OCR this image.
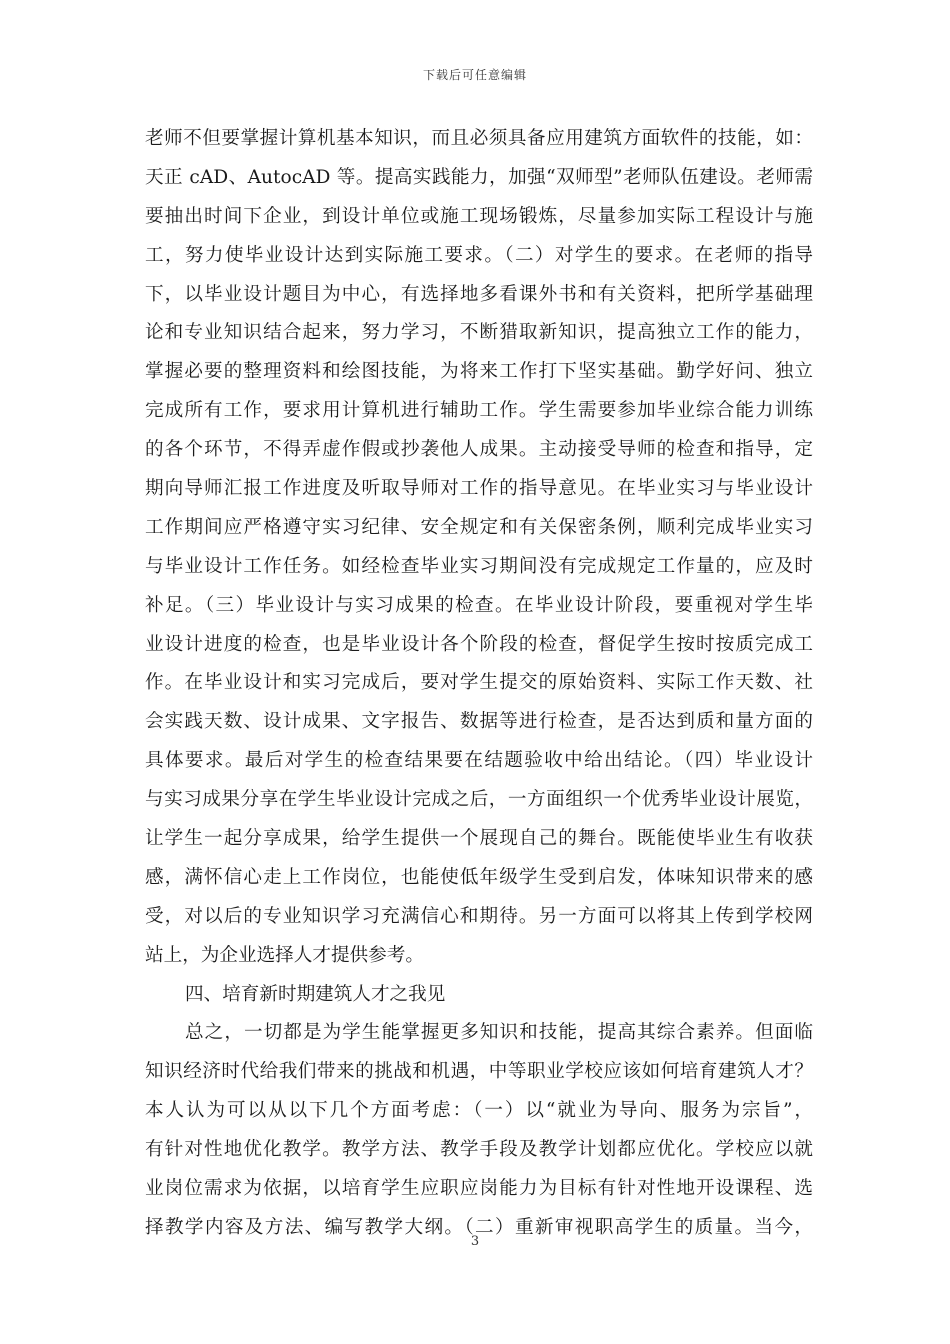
下载后可任意编辑
老师不但要掌握计算机基本知识，而且必须具备应用建筑方面软件的技能，如：
天正 cAD、AutocAD 等。提高实践能力，加强“双师型”老师队伍建设。老师需
要抽出时间下企业，到设计单位或施工现场锻炼，尽量参加实际工程设计与施
工，努力使毕业设计达到实际施工要求。（二）对学生的要求。在老师的指导
下，以毕业设计题目为中心，有选择地多看课外书和有关资料，把所学基础理
论和专业知识结合起来，努力学习，不断猎取新知识，提高独立工作的能力，
掌握必要的整理资料和绘图技能，为将来工作打下坚实基础。勤学好问、独立
完成所有工作，要求用计算机进行辅助工作。学生需要参加毕业综合能力训练
的各个环节，不得弄虚作假或抄袭他人成果。主动接受导师的检查和指导，定
期向导师汇报工作进度及听取导师对工作的指导意见。在毕业实习与毕业设计
工作期间应严格遵守实习纪律、安全规定和有关保密条例，顺利完成毕业实习
与毕业设计工作任务。如经检查毕业实习期间没有完成规定工作量的，应及时
补足。（三）毕业设计与实习成果的检查。在毕业设计阶段，要重视对学生毕
业设计进度的检查，也是毕业设计各个阶段的检查，督促学生按时按质完成工
作。在毕业设计和实习完成后，要对学生提交的原始资料、实际工作天数、社
会实践天数、设计成果、文字报告、数据等进行检查，是否达到质和量方面的
具体要求。最后对学生的检查结果要在结题验收中给出结论。（四）毕业设计
与实习成果分享在学生毕业设计完成之后，一方面组织一个优秀毕业设计展览，
让学生一起分享成果，给学生提供一个展现自己的舞台。既能使毕业生有收获
感，满怀信心走上工作岗位，也能使低年级学生受到启发，体味知识带来的感
受，对以后的专业知识学习充满信心和期待。另一方面可以将其上传到学校网
站上，为企业选择人才提供参考。
四、培育新时期建筑人才之我见
总之，一切都是为学生能掌握更多知识和技能，提高其综合素养。但面临
知识经济时代给我们带来的挑战和机遇，中等职业学校应该如何培育建筑人才？
本人认为可以从以下几个方面考虑：（一）以“就业为导向、服务为宗旨”，
有针对性地优化教学。教学方法、教学手段及教学计划都应优化。学校应以就
业岗位需求为依据，以培育学生应职应岗能力为目标有针对性地开设课程、选
择教学内容及方法、编写教学大纲。（二）重新审视职高学生的质量。当今，
3
